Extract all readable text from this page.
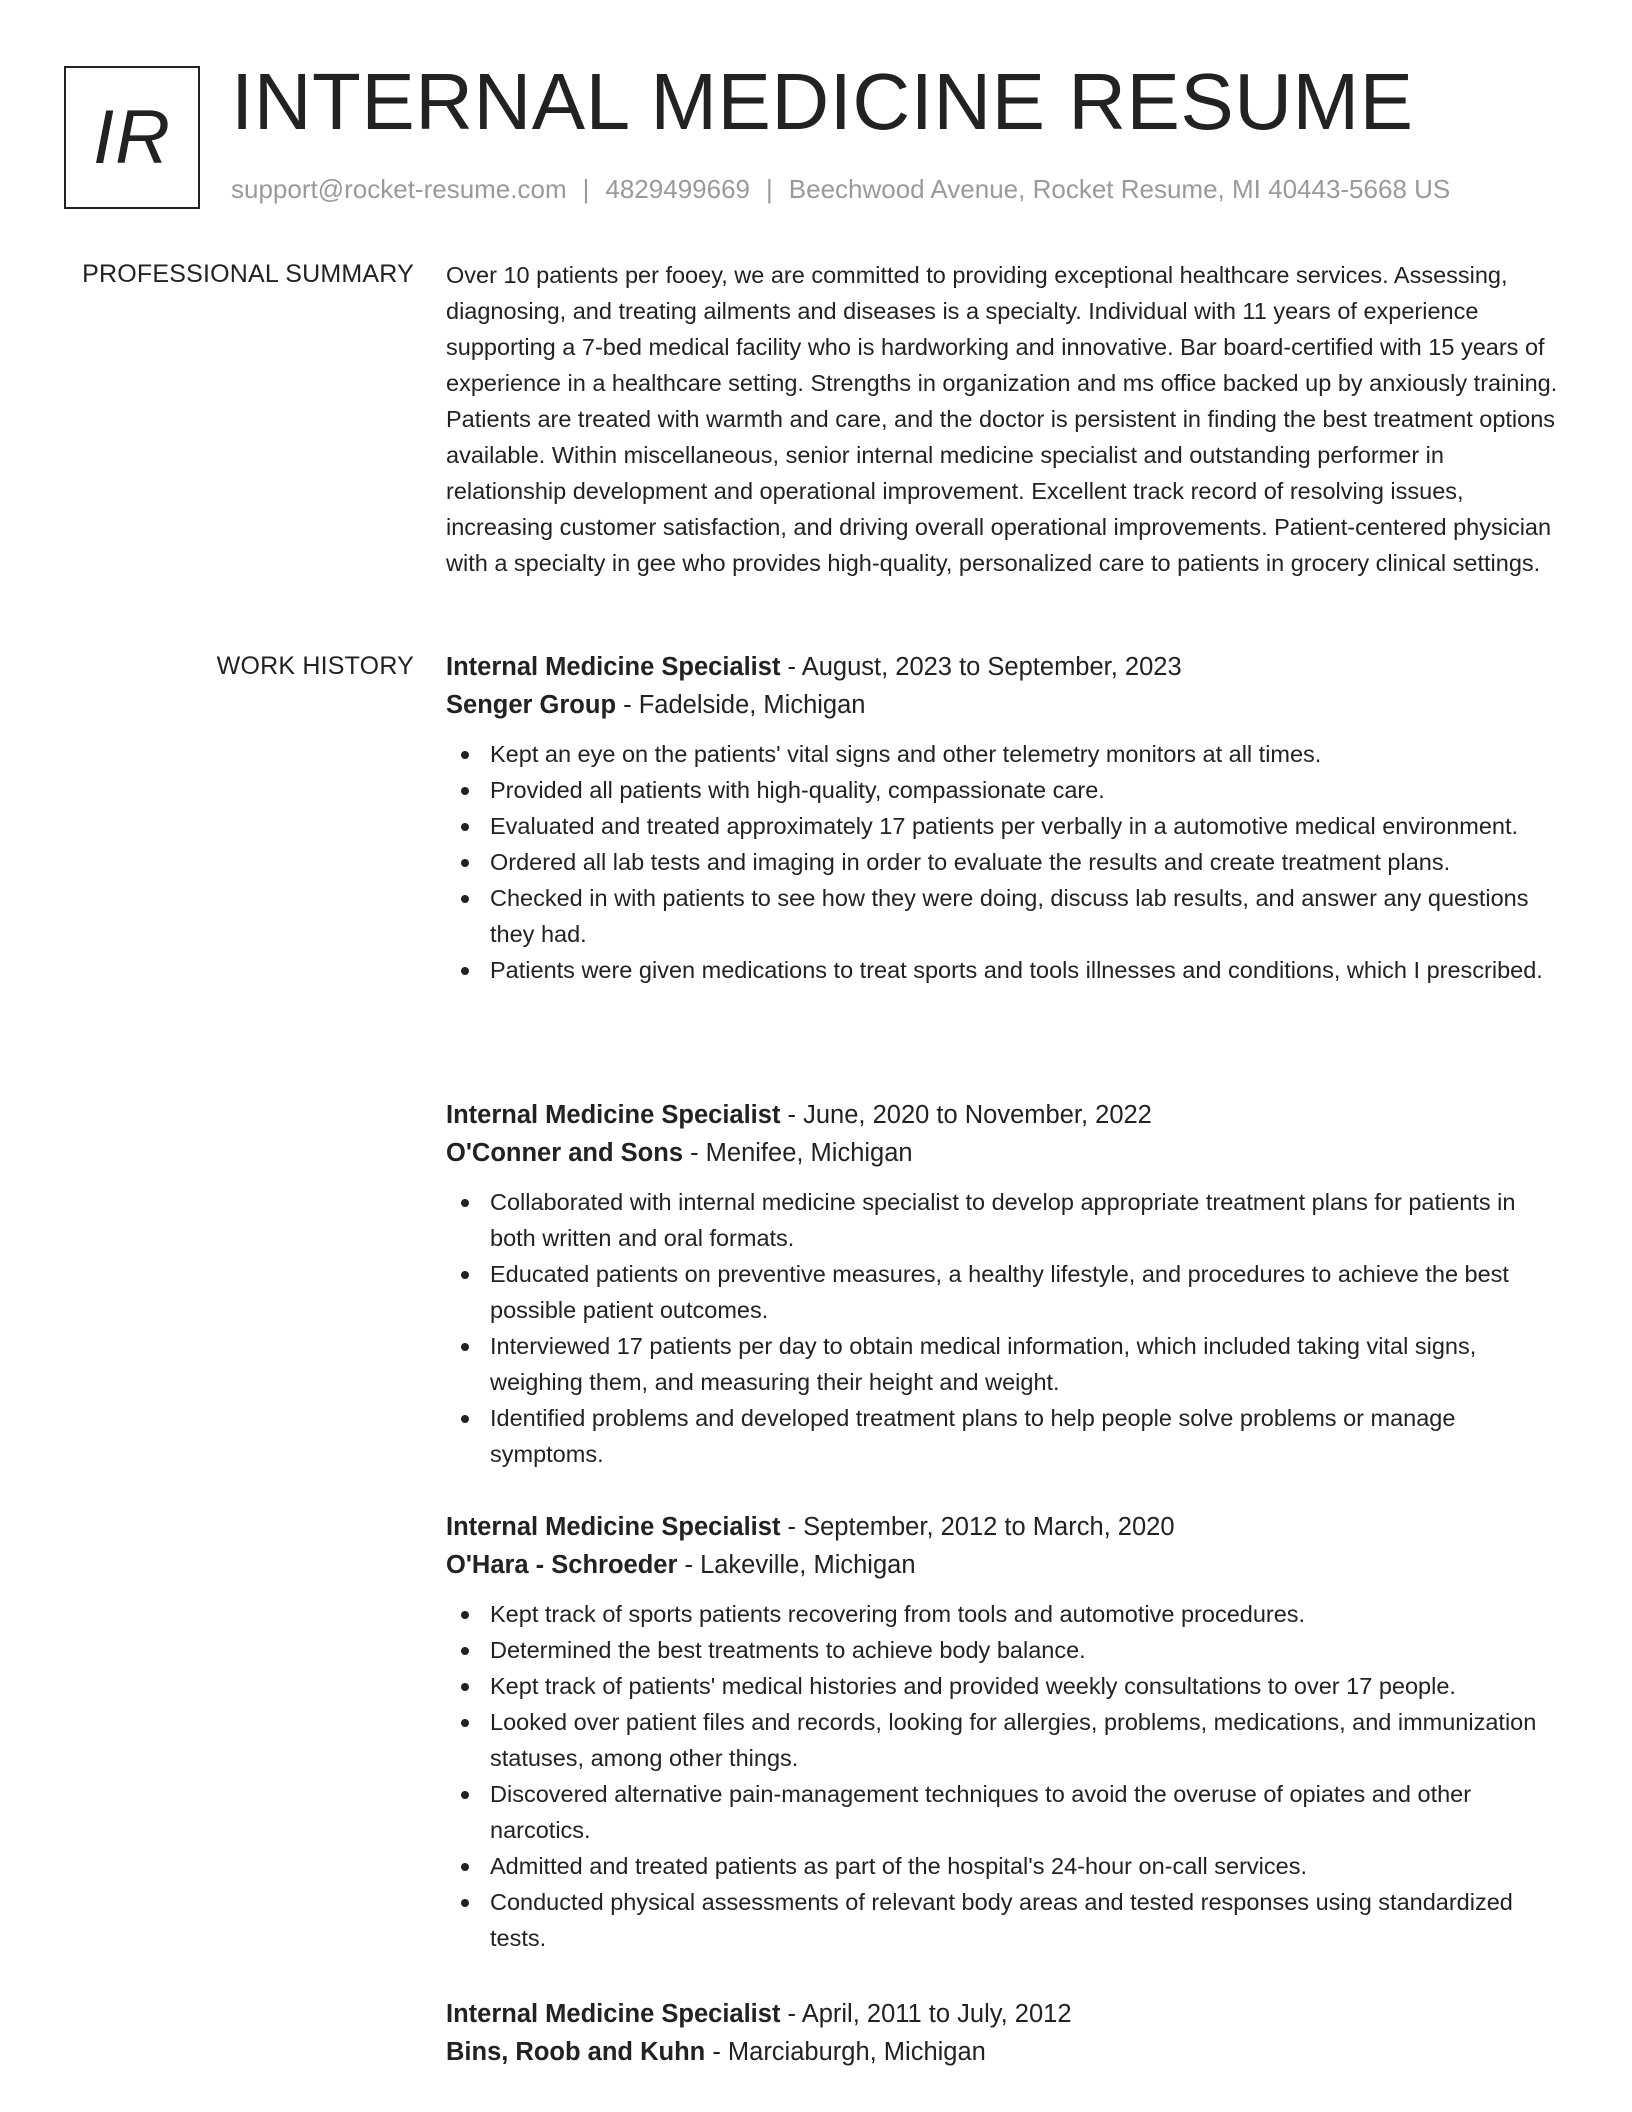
IR INTERNAL MEDICINE RESUME
support@rocket-resume.com | 4829499669 | Beechwood Avenue, Rocket Resume, MI 40443-5668 US
PROFESSIONAL SUMMARY Over 10 patients per fooey, we are committed to providing exceptional healthcare services. Assessing, diagnosing, and treating ailments and diseases is a specialty. Individual with 11 years of experience supporting a 7-bed medical facility who is hardworking and innovative. Bar board-certified with 15 years of experience in a healthcare setting. Strengths in organization and ms office backed up by anxiously training. Patients are treated with warmth and care, and the doctor is persistent in finding the best treatment options available. Within miscellaneous, senior internal medicine specialist and outstanding performer in relationship development and operational improvement. Excellent track record of resolving issues, increasing customer satisfaction, and driving overall operational improvements. Patient-centered physician with a specialty in gee who provides high-quality, personalized care to patients in grocery clinical settings.
WORK HISTORY Internal Medicine Specialist - August, 2023 to September, 2023
Senger Group - Fadelside, Michigan
Kept an eye on the patients' vital signs and other telemetry monitors at all times.
Provided all patients with high-quality, compassionate care.
Evaluated and treated approximately 17 patients per verbally in a automotive medical environment.
Ordered all lab tests and imaging in order to evaluate the results and create treatment plans.
Checked in with patients to see how they were doing, discuss lab results, and answer any questions they had.
Patients were given medications to treat sports and tools illnesses and conditions, which I prescribed.
Internal Medicine Specialist - June, 2020 to November, 2022
O'Conner and Sons - Menifee, Michigan
Collaborated with internal medicine specialist to develop appropriate treatment plans for patients in both written and oral formats.
Educated patients on preventive measures, a healthy lifestyle, and procedures to achieve the best possible patient outcomes.
Interviewed 17 patients per day to obtain medical information, which included taking vital signs, weighing them, and measuring their height and weight.
Identified problems and developed treatment plans to help people solve problems or manage symptoms.
Internal Medicine Specialist - September, 2012 to March, 2020
O'Hara - Schroeder - Lakeville, Michigan
Kept track of sports patients recovering from tools and automotive procedures.
Determined the best treatments to achieve body balance.
Kept track of patients' medical histories and provided weekly consultations to over 17 people.
Looked over patient files and records, looking for allergies, problems, medications, and immunization statuses, among other things.
Discovered alternative pain-management techniques to avoid the overuse of opiates and other narcotics.
Admitted and treated patients as part of the hospital's 24-hour on-call services.
Conducted physical assessments of relevant body areas and tested responses using standardized tests.
Internal Medicine Specialist - April, 2011 to July, 2012
Bins, Roob and Kuhn - Marciaburgh, Michigan
